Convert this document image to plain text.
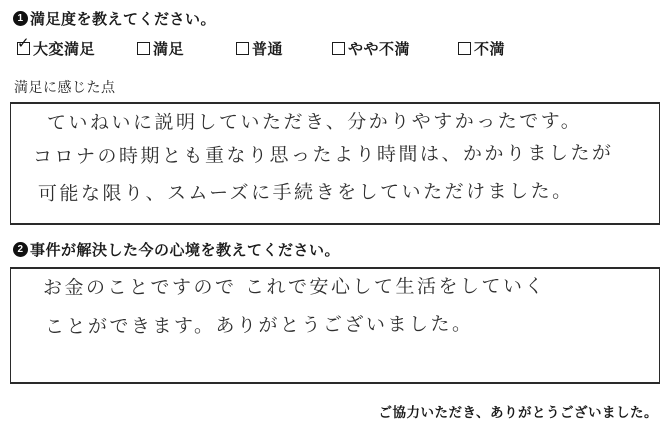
1 満足度を教えてください。
✓ 大変満足	満足	普通	やや不満	不満
満足に感じた点
ていねいに説明していただき、分かりやすかったです。
コロナの時期とも重なり思ったより時間は、かかりましたが
可能な限り、スムーズに手続きをしていただけました。
2 事件が解決した今の心境を教えてください。
お金のことですので これで安心して生活をしていく
ことができます。ありがとうございました。
ご協力いただき、ありがとうございました。
